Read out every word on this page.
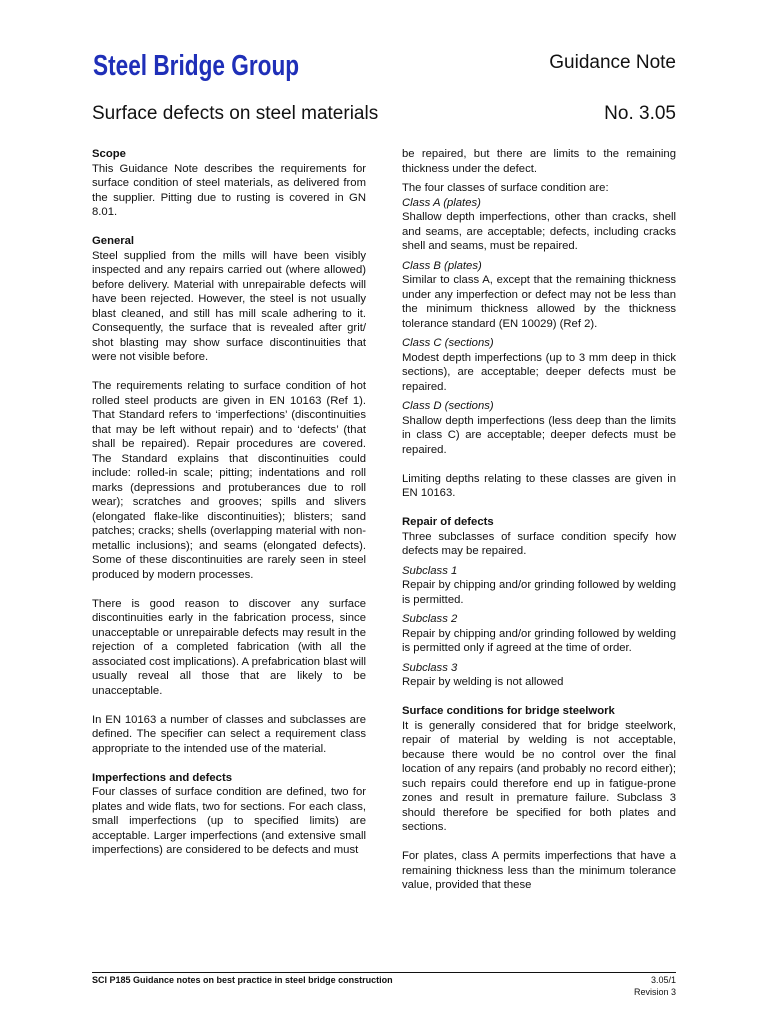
Steel Bridge Group	Guidance Note
Surface defects on steel materials	No. 3.05
Scope

This Guidance Note describes the requirements for surface condition of steel materials, as delivered from the supplier. Pitting due to rusting is covered in GN 8.01.

General

Steel supplied from the mills will have been visibly inspected and any repairs carried out (where allowed) before delivery. Material with unrepairable defects will have been rejected. However, the steel is not usually blast cleaned, and still has mill scale adhering to it. Consequently, the surface that is revealed after grit/ shot blasting may show surface discontinuities that were not visible before.

The requirements relating to surface condition of hot rolled steel products are given in EN 10163 (Ref 1). That Standard refers to ‘imperfections’ (discontinuities that may be left without repair) and to ‘defects’ (that shall be repaired). Repair procedures are covered. The Standard explains that discontinuities could include: rolled-in scale; pitting; indentations and roll marks (depressions and protuberances due to roll wear); scratches and grooves; spills and slivers (elongated flake-like discontinuities); blisters; sand patches; cracks; shells (overlapping material with non-metallic inclusions); and seams (elongated defects). Some of these discontinuities are rarely seen in steel produced by modern processes.

There is good reason to discover any surface discontinuities early in the fabrication process, since unacceptable or unrepairable defects may result in the rejection of a completed fabrication (with all the associated cost implications). A prefabrication blast will usually reveal all those that are likely to be unacceptable.

In EN 10163 a number of classes and subclasses are defined. The specifier can select a requirement class appropriate to the intended use of the material.

Imperfections and defects

Four classes of surface condition are defined, two for plates and wide flats, two for sections. For each class, small imperfections (up to specified limits) are acceptable. Larger imperfections (and extensive small imperfections) are considered to be defects and must

be repaired, but there are limits to the remaining thickness under the defect.

The four classes of surface condition are:

Class A (plates)

Shallow depth imperfections, other than cracks, shell and seams, are acceptable; defects, including cracks shell and seams, must be repaired.

Class B (plates)

Similar to class A, except that the remaining thickness under any imperfection or defect may not be less than the minimum thickness allowed by the thickness tolerance standard (EN 10029) (Ref 2).

Class C (sections)

Modest depth imperfections (up to 3 mm deep in thick sections), are acceptable; deeper defects must be repaired.

Class D (sections)

Shallow depth imperfections (less deep than the limits in class C) are acceptable; deeper defects must be repaired.

Limiting depths relating to these classes are given in EN 10163.

Repair of defects

Three subclasses of surface condition specify how defects may be repaired.

Subclass 1

Repair by chipping and/or grinding followed by welding is permitted.

Subclass 2

Repair by chipping and/or grinding followed by welding is permitted only if agreed at the time of order.

Subclass 3

Repair by welding is not allowed

Surface conditions for bridge steelwork

It is generally considered that for bridge steelwork, repair of material by welding is not acceptable, because there would be no control over the final location of any repairs (and probably no record either); such repairs could therefore end up in fatigue-prone zones and result in premature failure. Subclass 3 should therefore be specified for both plates and sections.

For plates, class A permits imperfections that have a remaining thickness less than the minimum tolerance value, provided that these

SCI P185 Guidance notes on best practice in steel bridge construction	3.05/1
Revision 3
